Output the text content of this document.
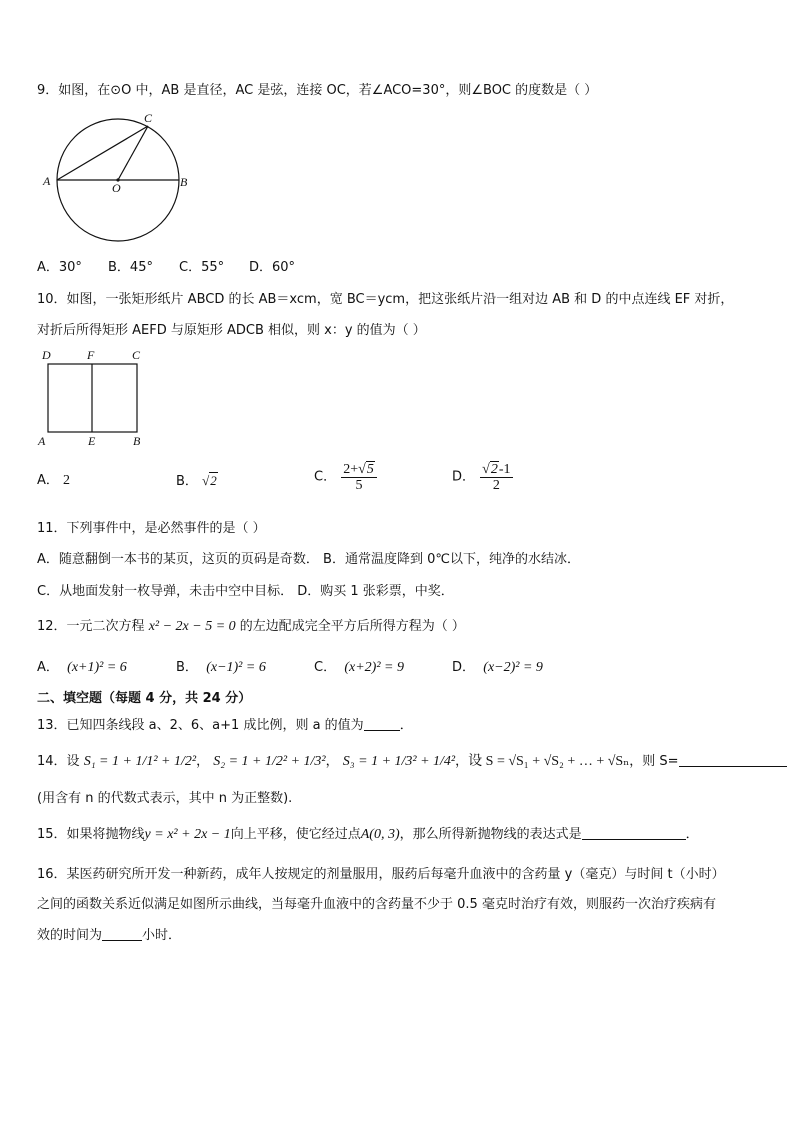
9．如图，在⊙O 中，AB 是直径，AC 是弦，连接 OC，若∠ACO=30°，则∠BOC 的度数是（ ）
A	B
C
O
A．30° B．45° C．55° D．60°
10．如图，一张矩形纸片 ABCD 的长 AB＝xcm，宽 BC＝ycm，把这张纸片沿一组对边 AB 和 D 的中点连线 EF 对折，
对折后所得矩形 AEFD 与原矩形 ADCB 相似，则 x：y 的值为（ ）
D	F	C
A	E	B
A． 2	B． √2	C． $\frac{2+√5}{5}$	D． $\frac{√2-1}{2}$
11．下列事件中，是必然事件的是（ ）
A．随意翻倒一本书的某页，这页的页码是奇数． B．通常温度降到 0℃以下，纯净的水结冰．
C．从地面发射一枚导弹，未击中空中目标． D．购买 1 张彩票，中奖．
12．一元二次方程 x² − 2x − 5 = 0 的左边配成完全平方后所得方程为（ ）
A． (x+1)² = 6	B． (x−1)² = 6	C． (x+2)² = 9	D． (x−2)² = 9
二、填空题（每题 4 分，共 24 分）
13．已知四条线段 a、2、6、a+1 成比例，则 a 的值为	．
14．设 S₁ = 1 + 1/1² + 1/2²， S₂ = 1 + 1/2² + 1/3²， S₃ = 1 + 1/3² + 1/4²，设 S = √S₁ + √S₂ + … + √Sₙ，则 S=
(用含有 n 的代数式表示，其中 n 为正整数).
15．如果将抛物线y = x² + 2x − 1向上平移，使它经过点A(0, 3)，那么所得新抛物线的表达式是	．
16．某医药研究所开发一种新药，成年人按规定的剂量服用，服药后每毫升血液中的含药量 y（毫克）与时间 t（小时）
之间的函数关系近似满足如图所示曲线，当每毫升血液中的含药量不少于 0.5 毫克时治疗有效，则服药一次治疗疾病有
效的时间为	小时．
